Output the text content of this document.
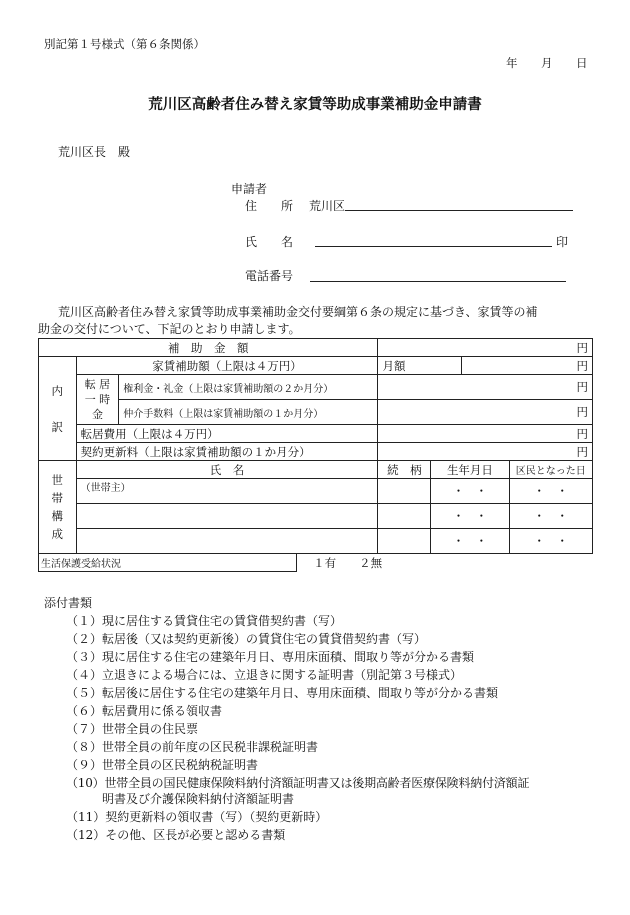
別記第１号様式（第６条関係）
年 月 日
荒川区高齢者住み替え家賃等助成事業補助金申請書
荒川区長　殿
申請者
住　　所 荒川区
氏　　名	印
電話番号
荒川区高齢者住み替え家賃等助成事業補助金交付要綱第６条の規定に基づき、家賃等の補
助金の交付について、下記のとおり申請します。
補　助　金　額				円			
内

訳	家賃補助額（上限は４万円）			月額		円	
	転 居
一 時
金	権利金・礼金（上限は家賃補助額の２か月分）		円			
		仲介手数料（上限は家賃補助額の１か月分）		円			
	転居費用（上限は４万円）			円			
	契約更新料（上限は家賃補助額の１か月分）			円			
世
帯
構
成	氏　名			続　柄	生年月日		区民となった日
	（世帯主）				・　・		・　・
					・　・		・　・
					・　・		・　・
生活保護受給状況			１有　　２無				
添付書類
（１）現に居住する賃貸住宅の賃貸借契約書（写）
（２）転居後（又は契約更新後）の賃貸住宅の賃貸借契約書（写）
（３）現に居住する住宅の建築年月日、専用床面積、間取り等が分かる書類
（４）立退きによる場合には、立退きに関する証明書（別記第３号様式）
（５）転居後に居住する住宅の建築年月日、専用床面積、間取り等が分かる書類
（６）転居費用に係る領収書
（７）世帯全員の住民票
（８）世帯全員の前年度の区民税非課税証明書
（９）世帯全員の区民税納税証明書
（10）世帯全員の国民健康保険料納付済額証明書又は後期高齢者医療保険料納付済額証
　　　明書及び介護保険料納付済額証明書
（11）契約更新料の領収書（写）（契約更新時）
（12）その他、区長が必要と認める書類
